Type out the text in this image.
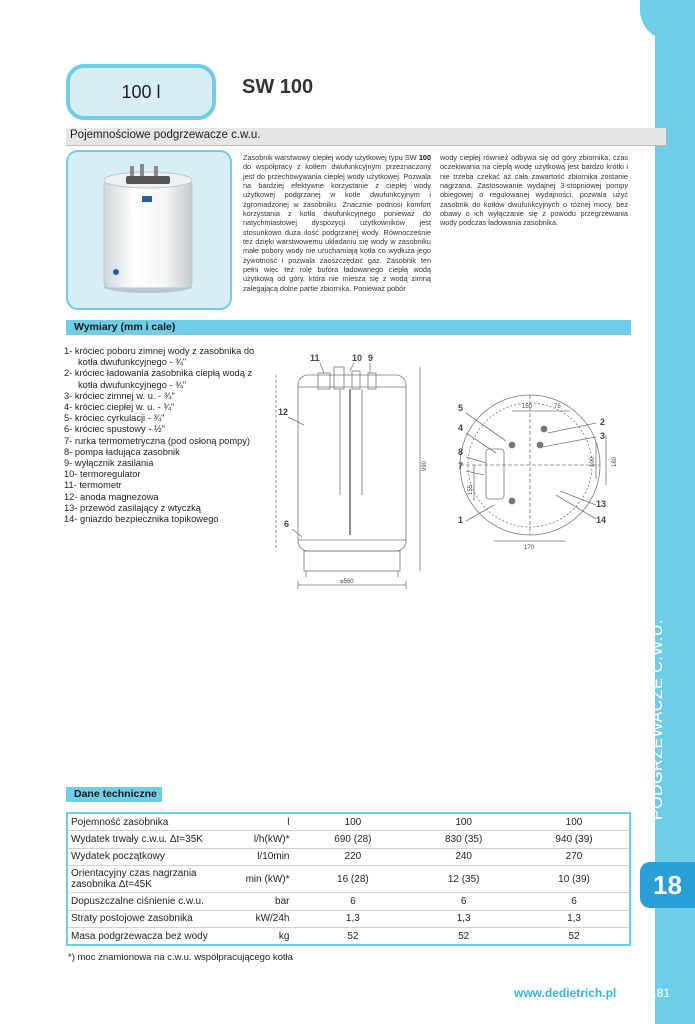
PODGRZEWACZE C.W.U.
18
181
www.dedietrich.pl
100 l	SW 100
Pojemnościowe podgrzewacze c.w.u.
Zasobnik warstwowy ciepłej wody użytkowej typu SW 100 do współpracy z kotłem dwufunkcyjnym przeznaczony jest do przechowywania ciepłej wody użytkowej. Pozwala na bardziej efektywne korzystanie z ciepłej wody użytkowej podgrzanej w kotle dwufunkcyjnym i zgromadzonej w zasobniku. Znacznie podnosi komfort korzystania z kotła dwufunkcyjnego ponieważ do natychmiastowej dyspozycji użytkowników jest stosunkowo duża ilość podgrzanej wody. Równocześnie też dzięki warstwowemu układaniu się wody w zasobniku małe pobory wody nie uruchamiają kotła co wydłuża jego żywotność i pozwala zaoszczędzić gaz. Zasobnik ten pełni więc też rolę bufora ładowanego ciepłą wodą użytkową od góry, która nie miesza się z wodą zimną zalegającą dolne partie zbiornika. Ponieważ pobór
wody ciepłej również odbywa się od góry zbiornika, czas oczekiwania na ciepłą wodę użytkową jest bardzo krótki i nie trzeba czekać aż cała zawartość zbiornika zostanie nagrzana. Zastosowanie wydajnej 3-stopniowej pompy obiegowej o regulowanej wydajności, pozwala użyć zasobnik do kotłów dwufunkcyjnych o różnej mocy, bez obawy o ich wyłączanie się z powodu przegrzewania wody podczas ładowania zasobnika.
Wymiary (mm i cale)
1- króciec poboru zimnej wody z zasobnika do
kotła dwufunkcyjnego - ¾"
2- króciec ładowania zasobnika ciepłą wodą z
kotła dwufunkcyjnego - ¾"
3- króciec zimnej w. u. - ¾"
4- króciec ciepłej w. u. - ¾"
5- króciec cyrkulacji - ¾"
6- króciec spustowy - ½"
7- rurka termometryczna (pod osłoną pompy)
8- pompa ładująca zasobnik
9- wyłącznik zasilania
10- termoregulator
11- termometr
12- anoda magnezowa
13- przewód zasilający z wtyczką
14- gniazdo bezpiecznika topikowego
11	10 9
12
6
990
⌀560
5
4
8
7
1
2
3
13
14
150	75
100	180
155
170
Dane techniczne
Pojemność zasobnika	l	100	100	100
Wydatek trwały c.w.u. Δt=35K	l/h(kW)*	690 (28)	830 (35)	940 (39)
Wydatek początkowy	l/10min	220	240	270
Orientacyjny czas nagrzania zasobnika Δt=45K	min (kW)*	16 (28)	12 (35)	10 (39)
Dopuszczalne ciśnienie c.w.u.	bar	6	6	6
Straty postojowe zasobnika	kW/24h	1,3	1,3	1,3
Masa podgrzewacza bez wody	kg	52	52	52
*) moc znamionowa na c.w.u. współpracującego kotła
